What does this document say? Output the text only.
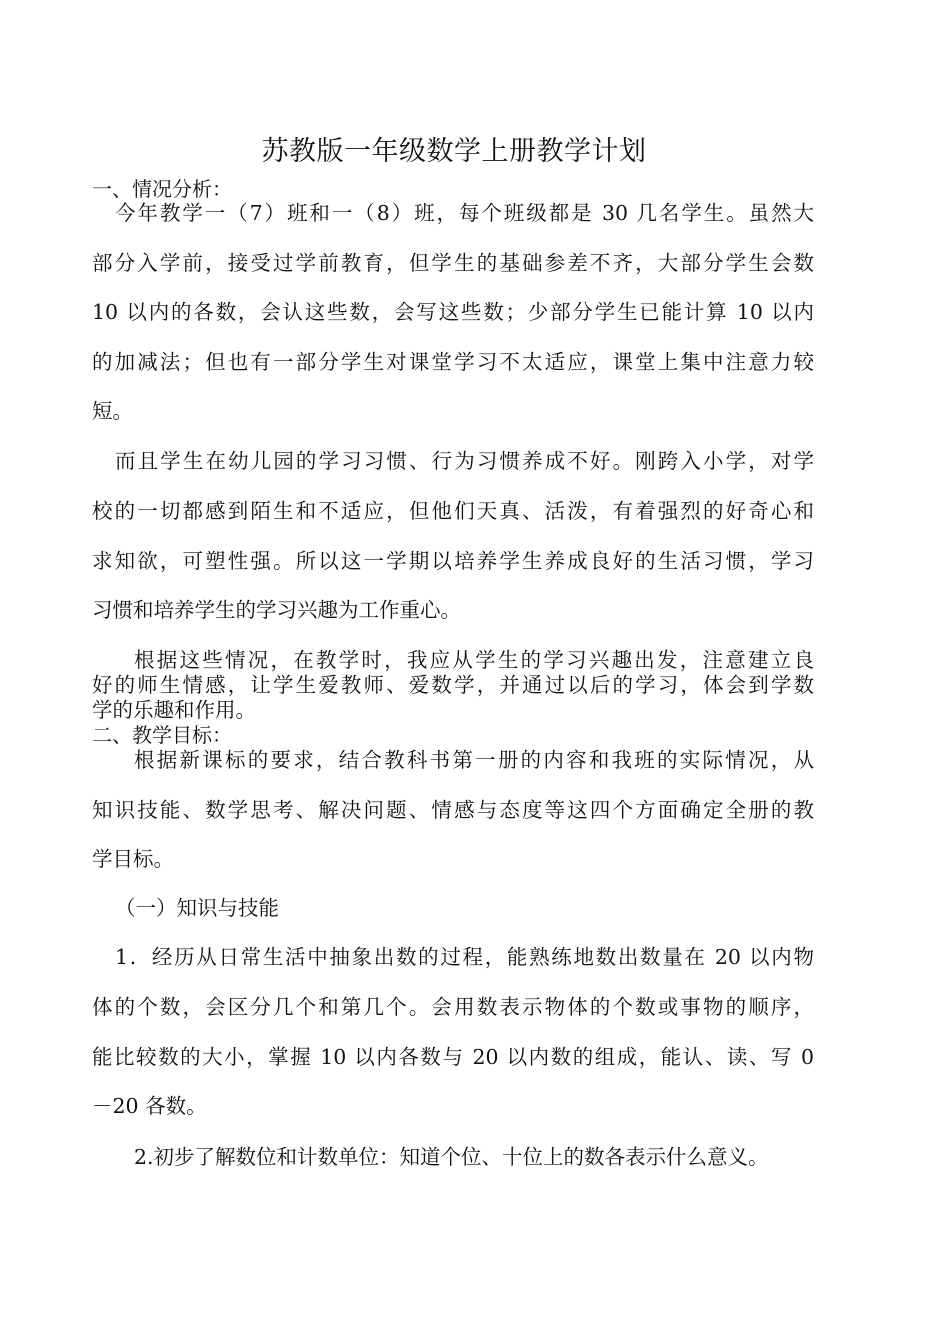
苏教版一年级数学上册教学计划
一、情况分析：
今年教学一（7）班和一（8）班，每个班级都是 30 几名学生。虽然大
部分入学前，接受过学前教育，但学生的基础参差不齐，大部分学生会数
10 以内的各数，会认这些数，会写这些数；少部分学生已能计算 10 以内
的加减法；但也有一部分学生对课堂学习不太适应，课堂上集中注意力较
短。
而且学生在幼儿园的学习习惯、行为习惯养成不好。刚跨入小学，对学
校的一切都感到陌生和不适应，但他们天真、活泼，有着强烈的好奇心和
求知欲，可塑性强。所以这一学期以培养学生养成良好的生活习惯，学习
习惯和培养学生的学习兴趣为工作重心。
根据这些情况，在教学时，我应从学生的学习兴趣出发，注意建立良
好的师生情感，让学生爱教师、爱数学，并通过以后的学习，体会到学数
学的乐趣和作用。
二、教学目标：
根据新课标的要求，结合教科书第一册的内容和我班的实际情况，从
知识技能、数学思考、解决问题、情感与态度等这四个方面确定全册的教
学目标。
（一）知识与技能
1．经历从日常生活中抽象出数的过程，能熟练地数出数量在 20 以内物
体的个数，会区分几个和第几个。会用数表示物体的个数或事物的顺序，
能比较数的大小，掌握 10 以内各数与 20 以内数的组成，能认、读、写 0
－20 各数。
2.初步了解数位和计数单位：知道个位、十位上的数各表示什么意义。
